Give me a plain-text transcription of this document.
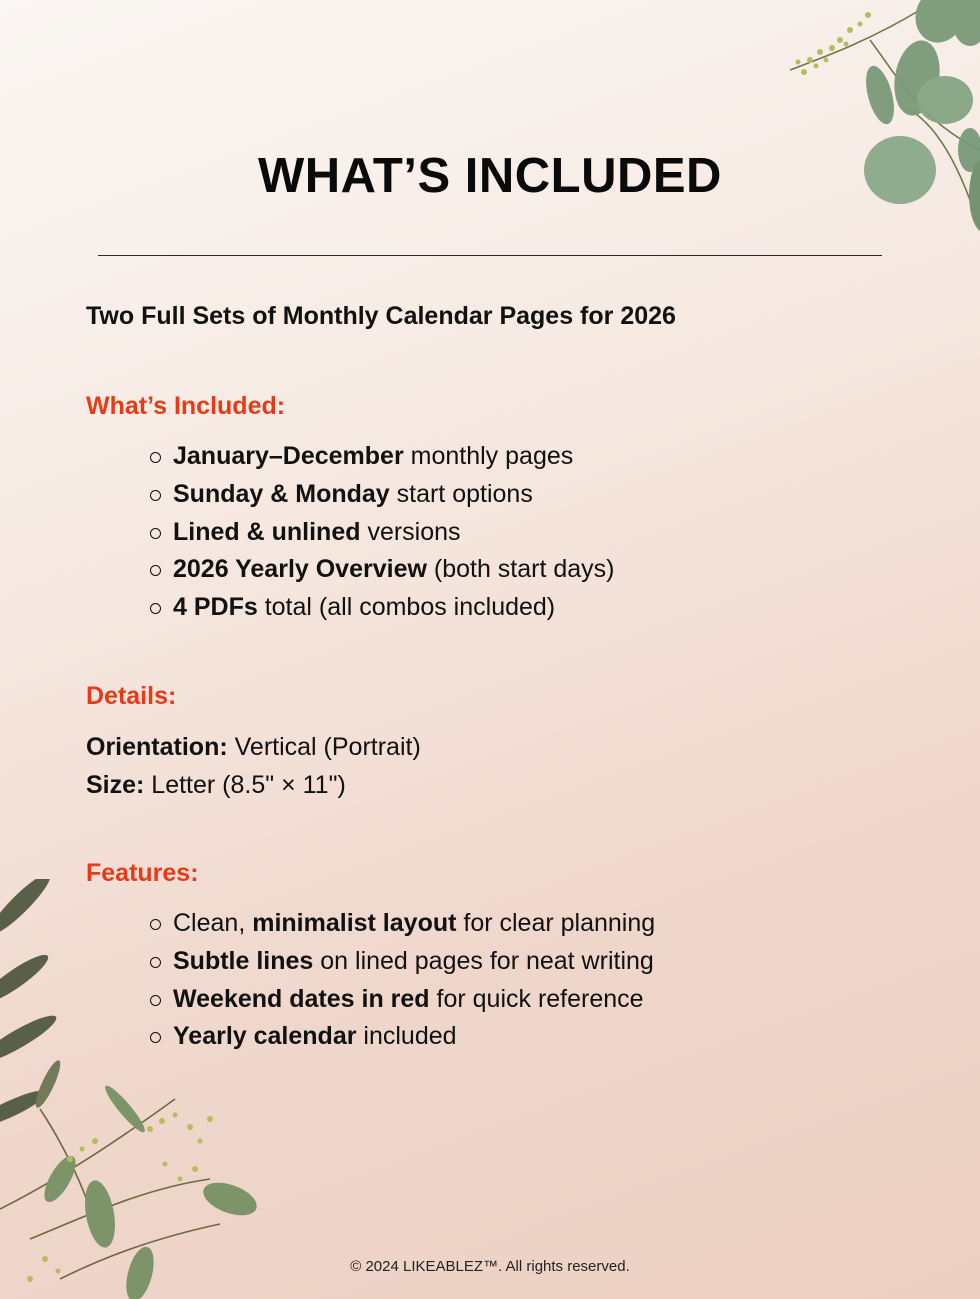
WHAT’S INCLUDED
Two Full Sets of Monthly Calendar Pages for 2026
What’s Included:
January–December monthly pages
Sunday & Monday start options
Lined & unlined versions
2026 Yearly Overview (both start days)
4 PDFs total (all combos included)
Details:
Orientation: Vertical (Portrait)
Size: Letter (8.5" × 11")
Features:
Clean, minimalist layout for clear planning
Subtle lines on lined pages for neat writing
Weekend dates in red for quick reference
Yearly calendar included
© 2024 LIKEABLEZ™. All rights reserved.
